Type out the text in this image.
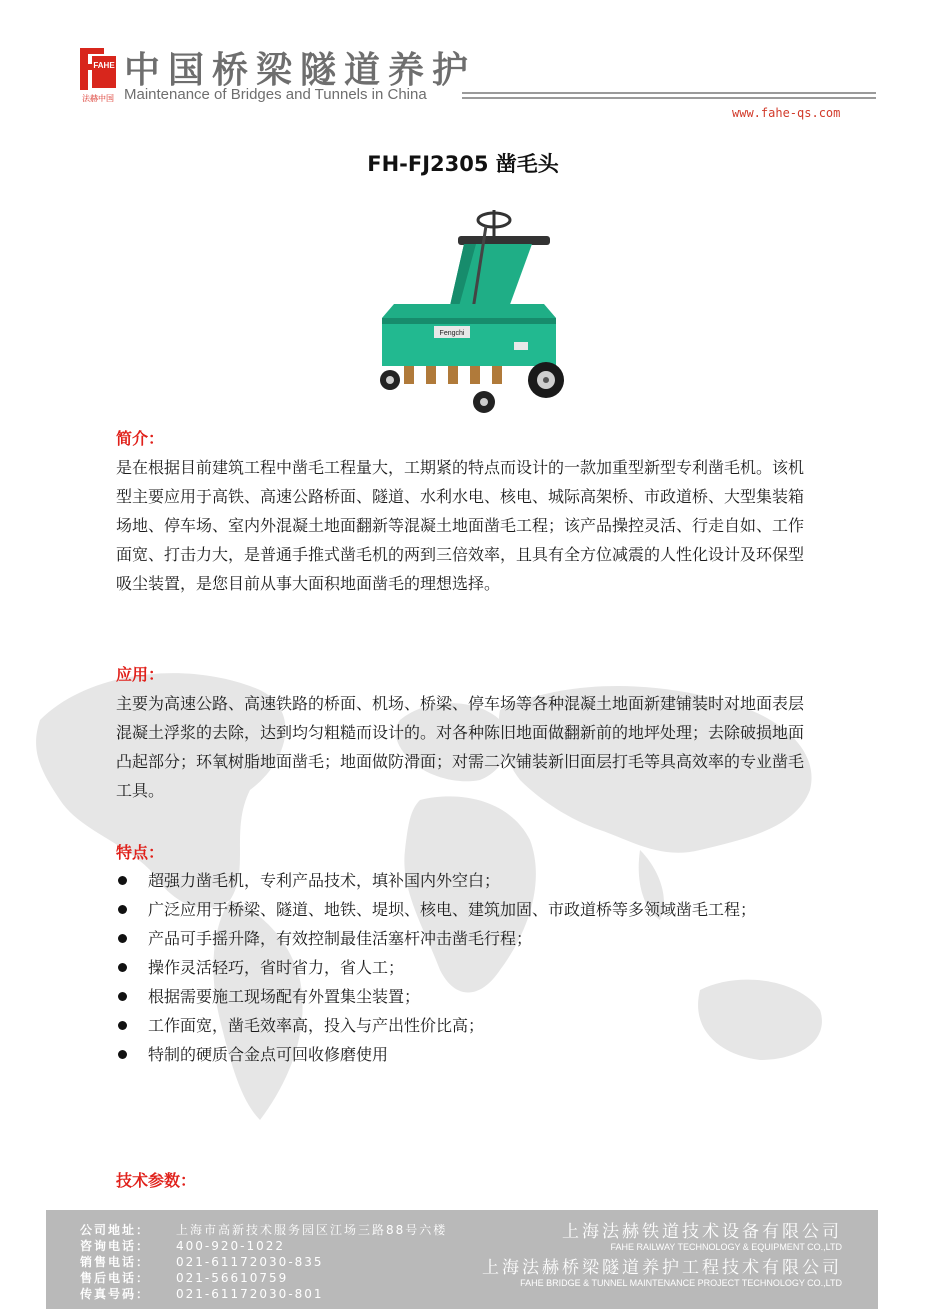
FAHE
法赫中国
中国桥梁隧道养护
Maintenance of Bridges and Tunnels in China
www.fahe-qs.com
FH-FJ2305 凿毛头
Fengchi
简介：

是在根据目前建筑工程中凿毛工程量大，工期紧的特点而设计的一款加重型新型专利凿毛机。该机型主要应用于高铁、高速公路桥面、隧道、水利水电、核电、城际高架桥、市政道桥、大型集装箱场地、停车场、室内外混凝土地面翻新等混凝土地面凿毛工程；该产品操控灵活、行走自如、工作面宽、打击力大，是普通手推式凿毛机的两到三倍效率，且具有全方位减震的人性化设计及环保型吸尘装置，是您目前从事大面积地面凿毛的理想选择。

应用：

主要为高速公路、高速铁路的桥面、机场、桥梁、停车场等各种混凝土地面新建铺装时对地面表层混凝土浮浆的去除，达到均匀粗糙而设计的。对各种陈旧地面做翻新前的地坪处理；去除破损地面凸起部分；环氧树脂地面凿毛；地面做防滑面；对需二次铺装新旧面层打毛等具高效率的专业凿毛工具。

特点：
超强力凿毛机，专利产品技术，填补国内外空白；
广泛应用于桥梁、隧道、地铁、堤坝、核电、建筑加固、市政道桥等多领域凿毛工程；
产品可手摇升降，有效控制最佳活塞杆冲击凿毛行程；
操作灵活轻巧，省时省力，省人工；
根据需要施工现场配有外置集尘装置；
工作面宽，凿毛效率高，投入与产出性价比高；
特制的硬质合金点可回收修磨使用
技术参数：
公司地址： 上海市高新技术服务园区江场三路88号六楼
咨询电话： 400-920-1022
销售电话： 021-61172030-835
售后电话： 021-56610759
传真号码： 021-61172030-801
上海法赫铁道技术设备有限公司
FAHE RAILWAY TECHNOLOGY & EQUIPMENT CO.,LTD
上海法赫桥梁隧道养护工程技术有限公司
FAHE BRIDGE & TUNNEL MAINTENANCE PROJECT TECHNOLOGY CO.,LTD
